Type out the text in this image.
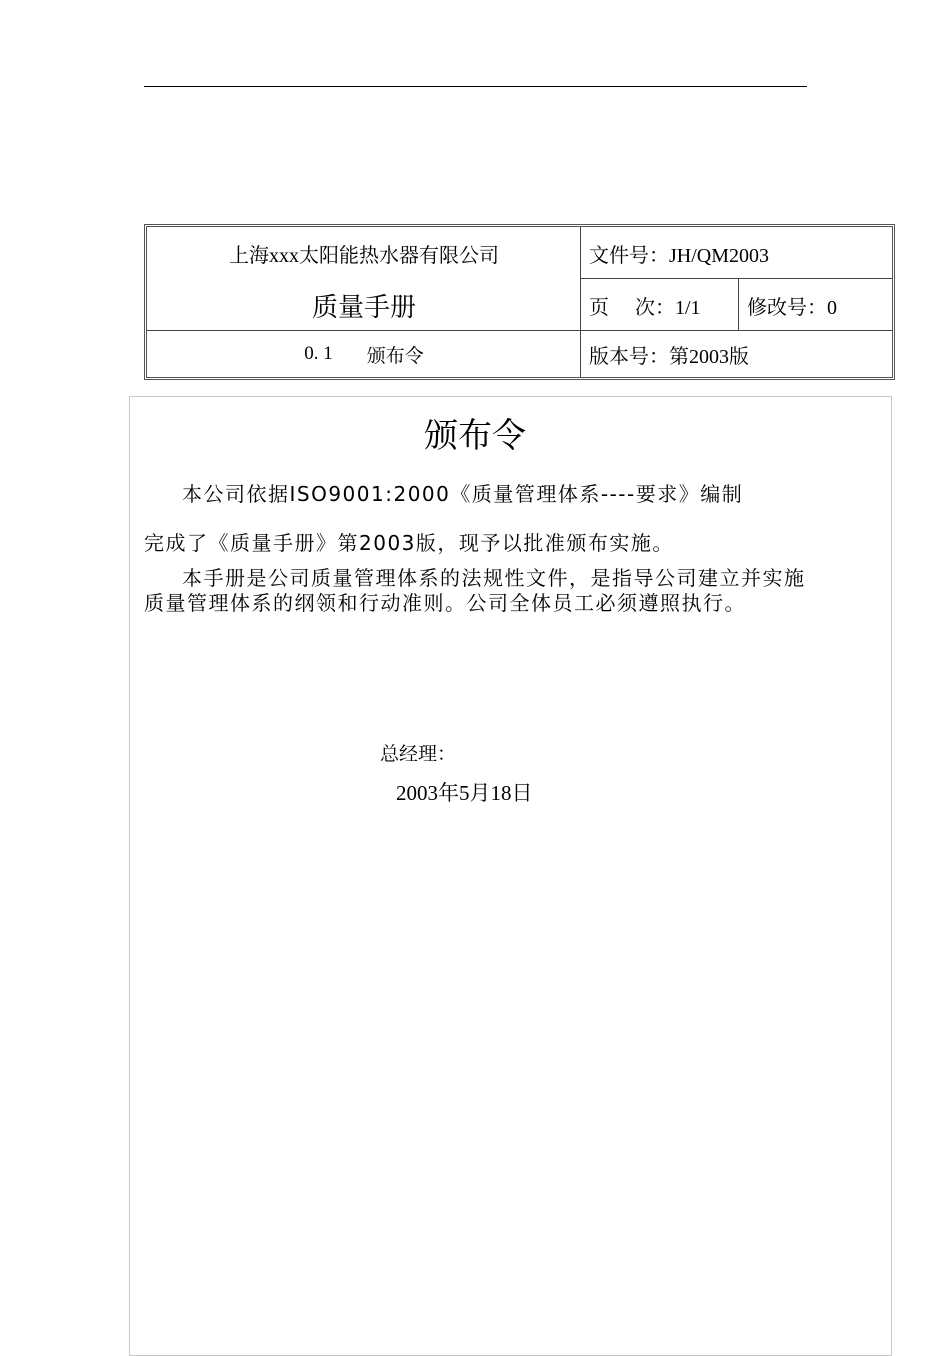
上海xxx太阳能热水器有限公司
质量手册
0. 1 颁布令
文件号：JH/QM2003
页 次：1/1	修改号：0
版本号：第2003版
颁布令

本公司依据ISO9001:2000《质量管理体系----要求》编制

完成了《质量手册》第2003版，现予以批准颁布实施。

本手册是公司质量管理体系的法规性文件，是指导公司建立并实施质量管理体系的纲领和行动准则。公司全体员工必须遵照执行。

总经理：
2003年5月18日
